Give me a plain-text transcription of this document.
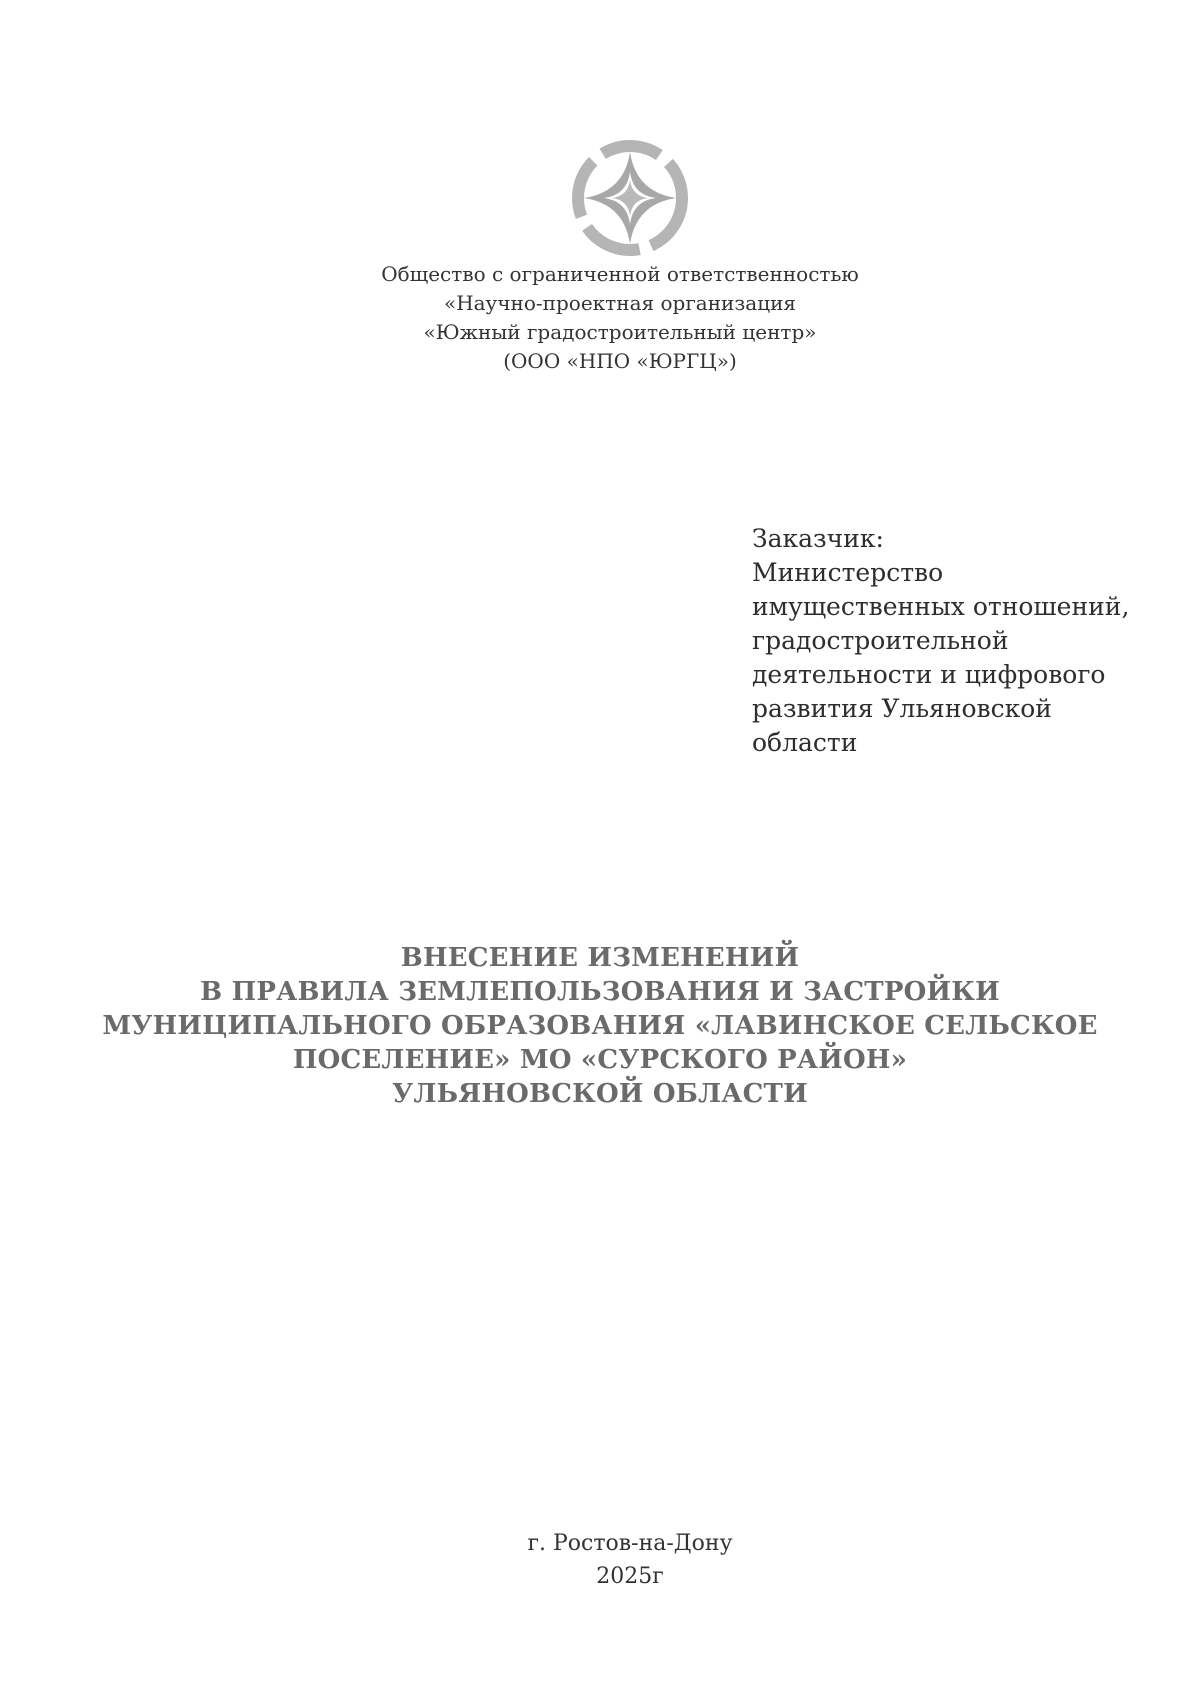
Общество с ограниченной ответственностью
«Научно-проектная организация
«Южный градостроительный центр»
(ООО «НПО «ЮРГЦ»)
Заказчик:
Министерство
имущественных отношений,
градостроительной
деятельности и цифрового
развития Ульяновской
области
ВНЕСЕНИЕ ИЗМЕНЕНИЙ
В ПРАВИЛА ЗЕМЛЕПОЛЬЗОВАНИЯ И ЗАСТРОЙКИ
МУНИЦИПАЛЬНОГО ОБРАЗОВАНИЯ «ЛАВИНСКОЕ СЕЛЬСКОЕ
ПОСЕЛЕНИЕ» МО «СУРСКОГО РАЙОН»
УЛЬЯНОВСКОЙ ОБЛАСТИ
г. Ростов-на-Дону
2025г
